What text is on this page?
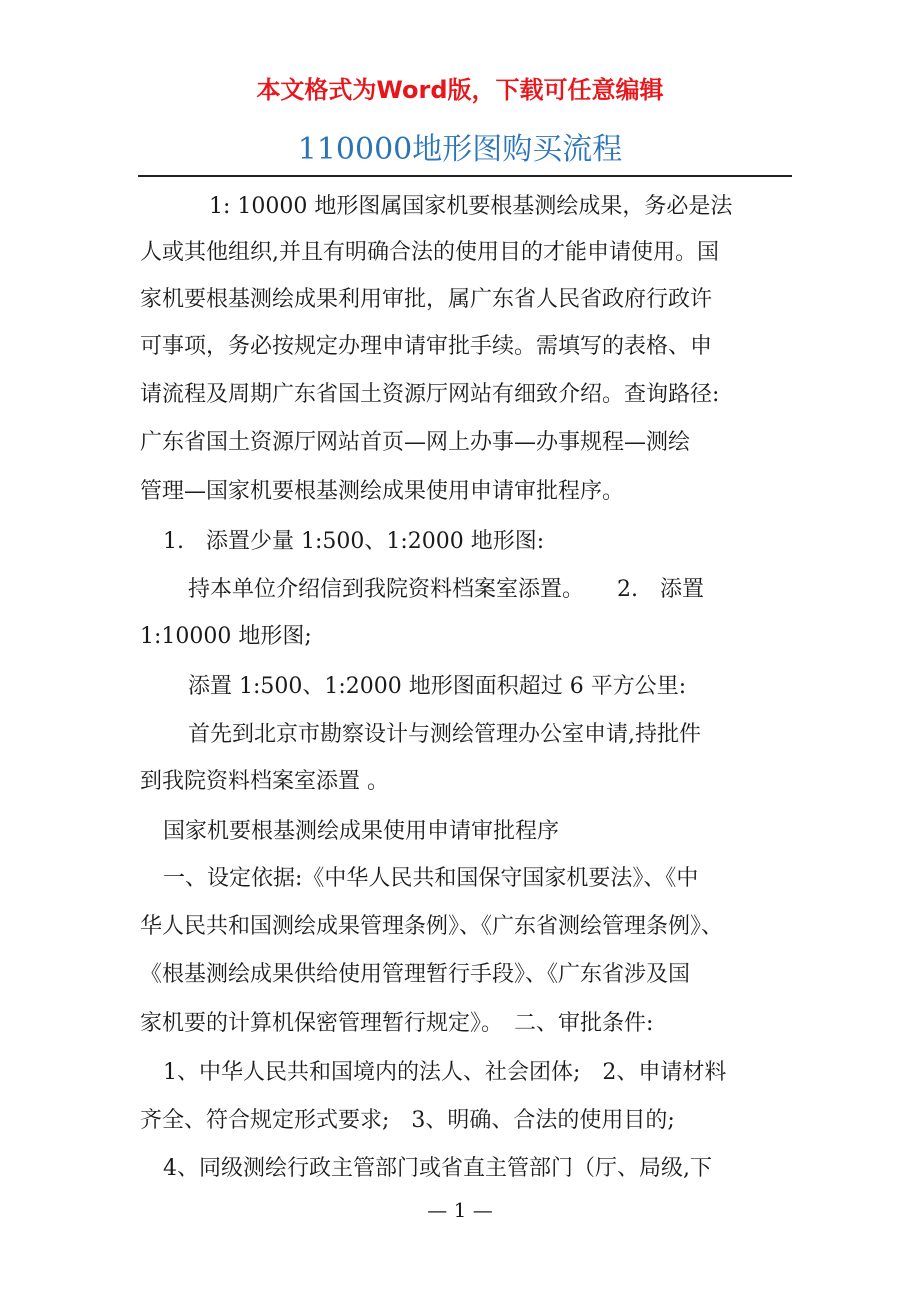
本文格式为Word版，下载可任意编辑
110000地形图购买流程
1: 10000 地形图属国家机要根基测绘成果，务必是法
人或其他组织,并且有明确合法的使用目的才能申请使用。国
家机要根基测绘成果利用审批，属广东省人民省政府行政许
可事项，务必按规定办理申请审批手续。需填写的表格、申
请流程及周期广东省国土资源厅网站有细致介绍。查询路径:
广东省国土资源厅网站首页—网上办事—办事规程—测绘
管理—国家机要根基测绘成果使用申请审批程序。
1.　添置少量 1:500、1:2000 地形图:
持本单位介绍信到我院资料档案室添置。　　2.　添置
1:10000 地形图;
添置 1:500、1:2000 地形图面积超过 6 平方公里:
首先到北京市勘察设计与测绘管理办公室申请,持批件
到我院资料档案室添置 。
国家机要根基测绘成果使用申请审批程序
一、设定依据:《中华人民共和国保守国家机要法》、《中
华人民共和国测绘成果管理条例》、《广东省测绘管理条例》、
《根基测绘成果供给使用管理暂行手段》、《广东省涉及国
家机要的计算机保密管理暂行规定》。　二、审批条件:
1、中华人民共和国境内的法人、社会团体;　2、申请材料
齐全、符合规定形式要求;　3、明确、合法的使用目的;
4、同级测绘行政主管部门或省直主管部门（厅、局级,下
— 1 —
